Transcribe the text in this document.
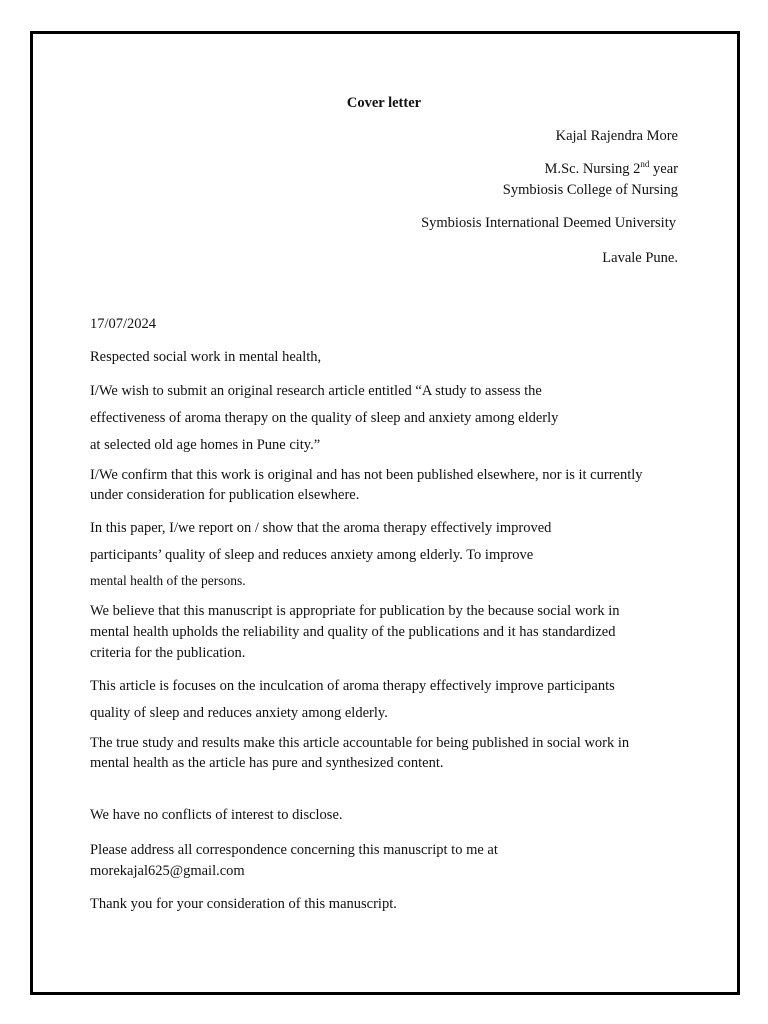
Cover letter
Kajal Rajendra More
M.Sc. Nursing 2nd year
Symbiosis College of Nursing
Symbiosis International Deemed University
Lavale Pune.
17/07/2024
Respected social work in mental health,
I/We wish to submit an original research article entitled “A study to assess the
effectiveness of aroma therapy on the quality of sleep and anxiety among elderly
at selected old age homes in Pune city.”
I/We confirm that this work is original and has not been published elsewhere, nor is it currently
under consideration for publication elsewhere.
In this paper, I/we report on / show that the aroma therapy effectively improved
participants’ quality of sleep and reduces anxiety among elderly. To improve
mental health of the persons.
We believe that this manuscript is appropriate for publication by the because social work in
mental health upholds the reliability and quality of the publications and it has standardized
criteria for the publication.
This article is focuses on the inculcation of aroma therapy effectively improve participants
quality of sleep and reduces anxiety among elderly.
The true study and results make this article accountable for being published in social work in
mental health as the article has pure and synthesized content.
We have no conflicts of interest to disclose.
Please address all correspondence concerning this manuscript to me at
morekajal625@gmail.com
Thank you for your consideration of this manuscript.
